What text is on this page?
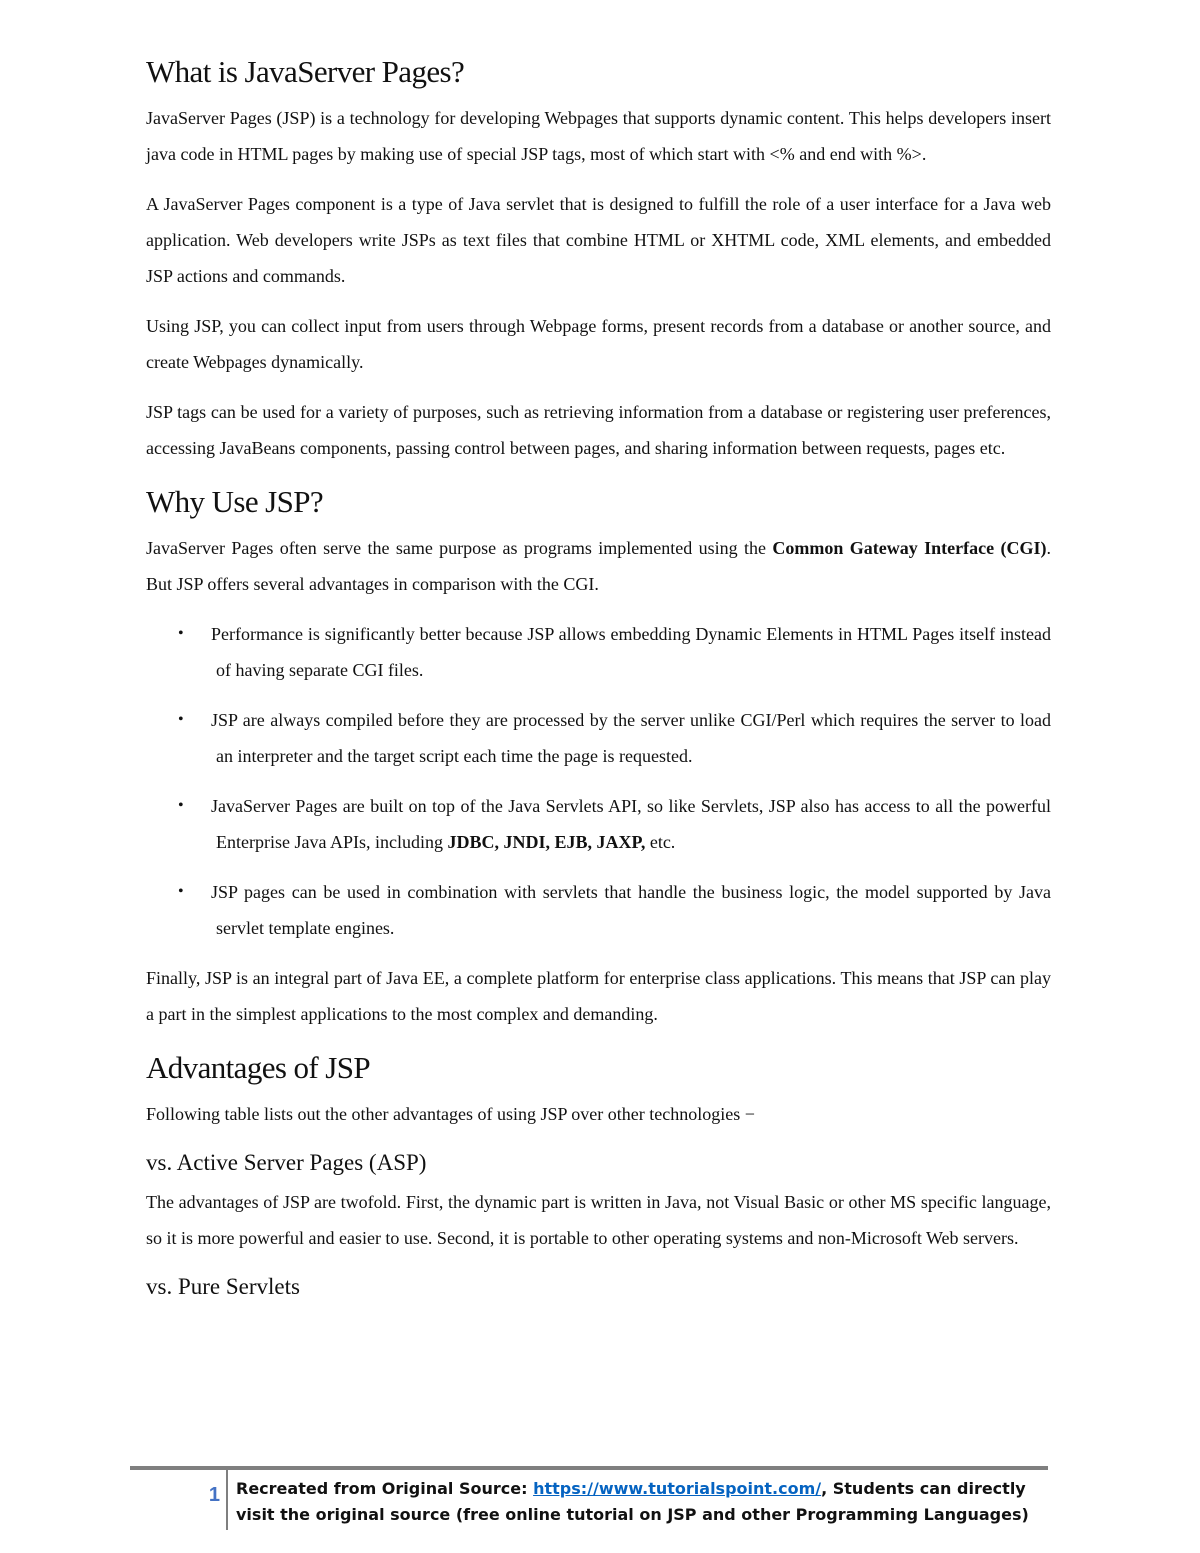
What is JavaServer Pages?

JavaServer Pages (JSP) is a technology for developing Webpages that supports dynamic content. This helps developers insert java code in HTML pages by making use of special JSP tags, most of which start with <% and end with %>.

A JavaServer Pages component is a type of Java servlet that is designed to fulfill the role of a user interface for a Java web application. Web developers write JSPs as text files that combine HTML or XHTML code, XML elements, and embedded JSP actions and commands.

Using JSP, you can collect input from users through Webpage forms, present records from a database or another source, and create Webpages dynamically.

JSP tags can be used for a variety of purposes, such as retrieving information from a database or registering user preferences, accessing JavaBeans components, passing control between pages, and sharing information between requests, pages etc.

Why Use JSP?

JavaServer Pages often serve the same purpose as programs implemented using the Common Gateway Interface (CGI). But JSP offers several advantages in comparison with the CGI.

• Performance is significantly better because JSP allows embedding Dynamic Elements in HTML Pages itself instead of having separate CGI files.
• JSP are always compiled before they are processed by the server unlike CGI/Perl which requires the server to load an interpreter and the target script each time the page is requested.
• JavaServer Pages are built on top of the Java Servlets API, so like Servlets, JSP also has access to all the powerful Enterprise Java APIs, including JDBC, JNDI, EJB, JAXP, etc.
• JSP pages can be used in combination with servlets that handle the business logic, the model supported by Java servlet template engines.

Finally, JSP is an integral part of Java EE, a complete platform for enterprise class applications. This means that JSP can play a part in the simplest applications to the most complex and demanding.

Advantages of JSP

Following table lists out the other advantages of using JSP over other technologies −

vs. Active Server Pages (ASP)

The advantages of JSP are twofold. First, the dynamic part is written in Java, not Visual Basic or other MS specific language, so it is more powerful and easier to use. Second, it is portable to other operating systems and non-Microsoft Web servers.

vs. Pure Servlets
1 Recreated from Original Source: https://www.tutorialspoint.com/, Students can directly visit the original source (free online tutorial on JSP and other Programming Languages)
